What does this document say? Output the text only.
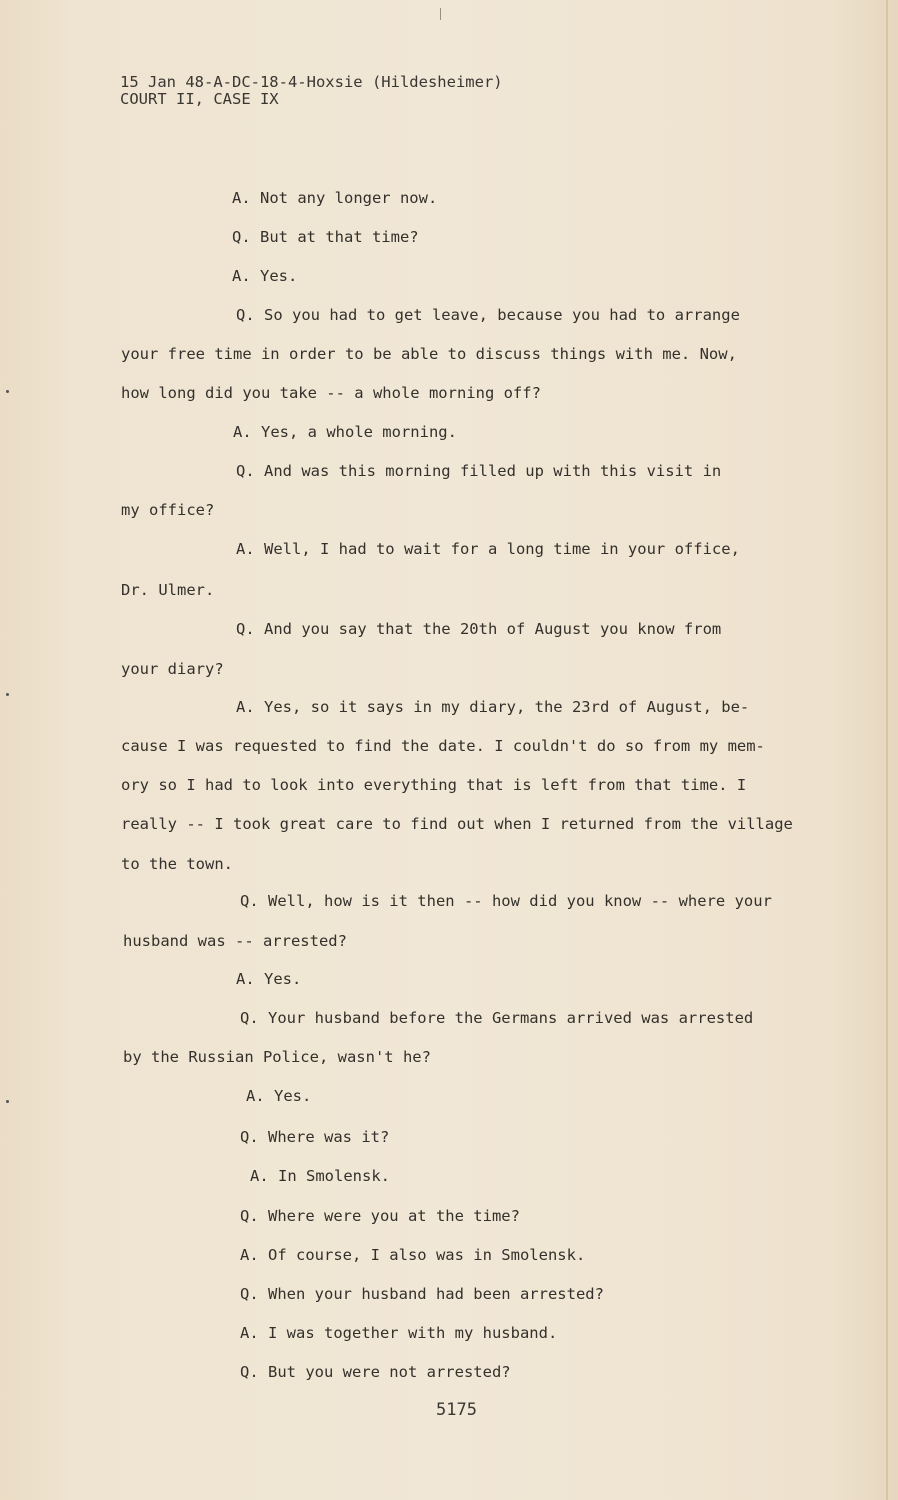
15 Jan 48-A-DC-18-4-Hoxsie (Hildesheimer)
COURT II, CASE IX
A. Not any longer now.
Q. But at that time?
A. Yes.
Q. So you had to get leave, because you had to arrange
your free time in order to be able to discuss things with me. Now,
how long did you take -- a whole morning off?
A. Yes, a whole morning.
Q. And was this morning filled up with this visit in
my office?
A. Well, I had to wait for a long time in your office,
Dr. Ulmer.
Q. And you say that the 20th of August you know from
your diary?
A. Yes, so it says in my diary, the 23rd of August, be-
cause I was requested to find the date. I couldn't do so from my mem-
ory so I had to look into everything that is left from that time. I
really -- I took great care to find out when I returned from the village
to the town.
Q. Well, how is it then -- how did you know -- where your
husband was -- arrested?
A. Yes.
Q. Your husband before the Germans arrived was arrested
by the Russian Police, wasn't he?
A. Yes.
Q. Where was it?
A. In Smolensk.
Q. Where were you at the time?
A. Of course, I also was in Smolensk.
Q. When your husband had been arrested?
A. I was together with my husband.
Q. But you were not arrested?
5175
